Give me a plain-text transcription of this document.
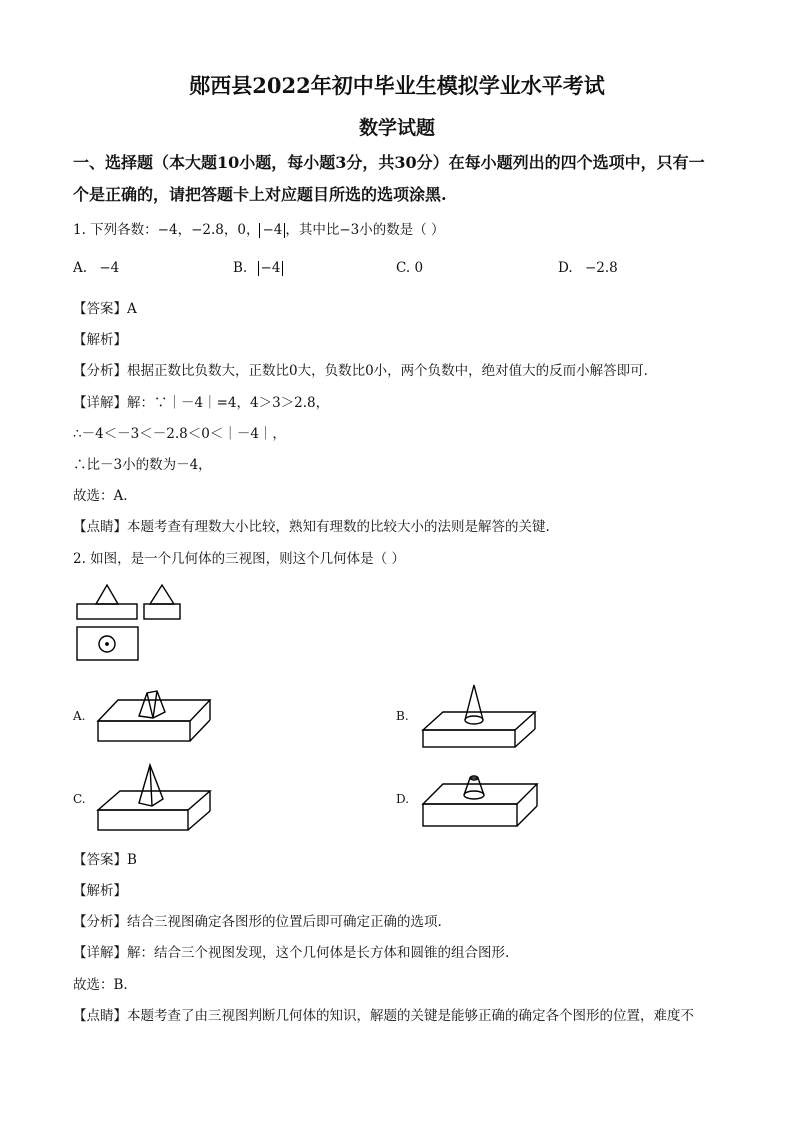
郧西县2022年初中毕业生模拟学业水平考试
数学试题
一、选择题（本大题10小题，每小题3分，共30分）在每小题列出的四个选项中，只有一
个是正确的，请把答题卡上对应题目所选的选项涂黑.
1. 下列各数：−4，−2.8，0， −4 ，其中比−3小的数是（ ）
A. −4	B. −4	C. 0	D. −2.8
【答案】A
【解析】
【分析】根据正数比负数大，正数比0大，负数比0小，两个负数中，绝对值大的反而小解答即可.
【详解】解：∵｜－4｜=4，4＞3＞2.8，
∴－4＜－3＜－2.8＜0＜｜－4｜，
∴比－3小的数为－4，
故选：A.
【点睛】本题考查有理数大小比较，熟知有理数的比较大小的法则是解答的关键.
2. 如图，是一个几何体的三视图，则这个几何体是（ ）
A.	B.
C.	D.
【答案】B
【解析】
【分析】结合三视图确定各图形的位置后即可确定正确的选项.
【详解】解：结合三个视图发现，这个几何体是长方体和圆锥的组合图形.
故选：B.
【点睛】本题考查了由三视图判断几何体的知识，解题的关键是能够正确的确定各个图形的位置，难度不
